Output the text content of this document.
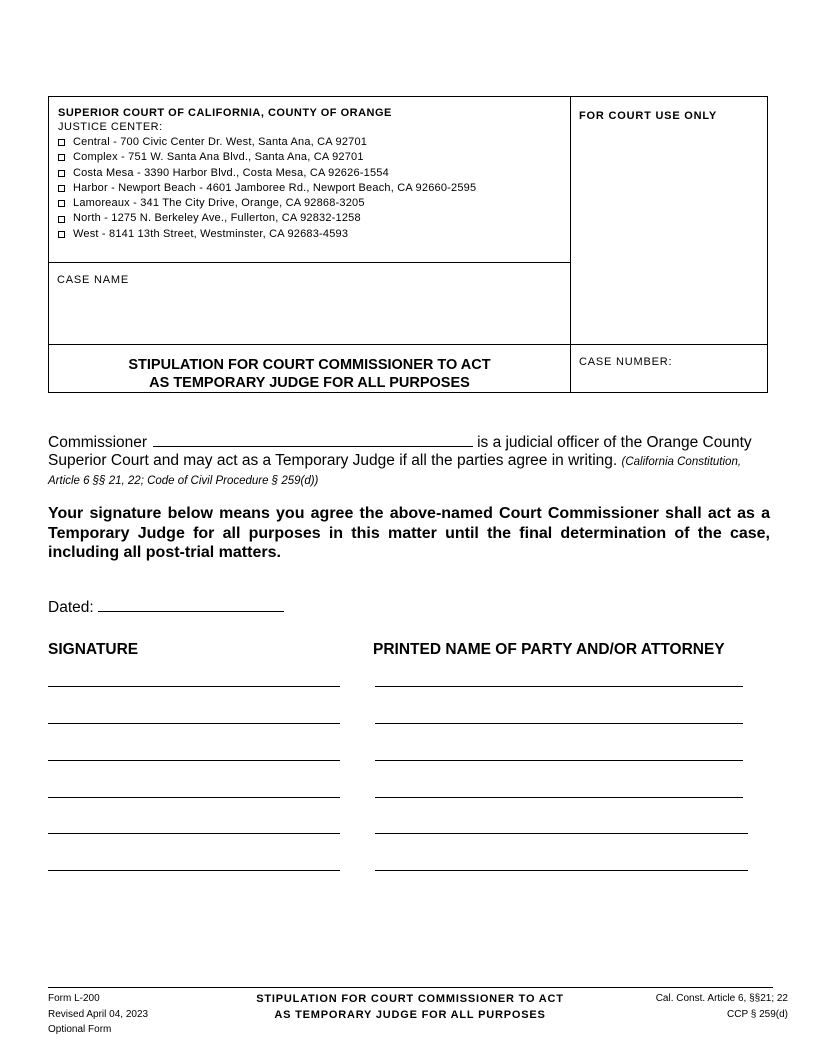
SUPERIOR COURT OF CALIFORNIA, COUNTY OF ORANGE
JUSTICE CENTER:
Central - 700 Civic Center Dr. West, Santa Ana, CA 92701
Complex - 751 W. Santa Ana Blvd., Santa Ana, CA 92701
Costa Mesa - 3390 Harbor Blvd., Costa Mesa, CA 92626-1554
Harbor - Newport Beach - 4601 Jamboree Rd., Newport Beach, CA 92660-2595
Lamoreaux - 341 The City Drive, Orange, CA 92868-3205
North - 1275 N. Berkeley Ave., Fullerton, CA 92832-1258
West - 8141 13th Street, Westminster, CA 92683-4593
CASE NAME
STIPULATION FOR COURT COMMISSIONER TO ACT
AS TEMPORARY JUDGE FOR ALL PURPOSES
FOR COURT USE ONLY
CASE NUMBER:
Commissioner	is a judicial officer of the Orange County Superior Court and may act as a Temporary Judge if all the parties agree in writing. (California Constitution, Article 6 §§ 21, 22; Code of Civil Procedure § 259(d))
Your signature below means you agree the above-named Court Commissioner shall act as a Temporary Judge for all purposes in this matter until the final determination of the case, including all post-trial matters.
Dated:
SIGNATURE	PRINTED NAME OF PARTY AND/OR ATTORNEY
Form L-200
Revised April 04, 2023
Optional Form
STIPULATION FOR COURT COMMISSIONER TO ACT
AS TEMPORARY JUDGE FOR ALL PURPOSES
Cal. Const. Article 6, §§21; 22
CCP § 259(d)
